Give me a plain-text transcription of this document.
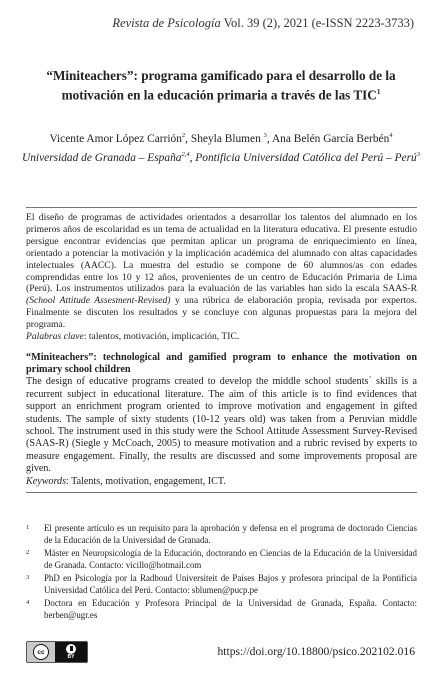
Revista de Psicología Vol. 39 (2), 2021 (e-ISSN 2223-3733)
“Miniteachers”: programa gamificado para el desarrollo de la motivación en la educación primaria a través de las TIC$^1$
Vicente Amor López Carrión$^2$, Sheyla Blumen $^3$, Ana Belén García Berbén$^4$
Universidad de Granada – España$^{2,4}$, Pontificia Universidad Católica del Perú – Perú$^3$

El diseño de programas de actividades orientados a desarrollar los talentos del alumnado en los primeros años de escolaridad es un tema de actualidad en la literatura educativa. El presente estudio persigue encontrar evidencias que permitan aplicar un programa de enriquecimiento en línea, orientado a potenciar la motivación y la implicación académica del alumnado con altas capacidades intelectuales (AACC). La muestra del estudio se compone de 60 alumnos/as con edades comprendidas entre los 10 y 12 años, provenientes de un centro de Educación Primaria de Lima (Perú). Los instrumentos utilizados para la evaluación de las variables han sido la escala SAAS-R (School Attitude Assesment-Revised) y una rúbrica de elaboración propia, revisada por expertos. Finalmente se discuten los resultados y se concluye con algunas propuestas para la mejora del programa.

Palabras clave: talentos, motivación, implicación, TIC.

“Miniteachers”: technological and gamified program to enhance the motivation on primary school children

The design of educative programs created to develop the middle school students´ skills is a recurrent subject in educational literature. The aim of this article is to find evidences that support an enrichment program oriented to improve motivation and engagement in gifted students. The sample of sixty students (10-12 years old) was taken from a Peruvian middle school. The instrument used in this study were the School Attitude Assessment Survey-Revised (SAAS-R) (Siegle y McCoach, 2005) to measure motivation and a rubric revised by experts to measure engagement. Finally, the results are discussed and some improvements proposal are given.

Keywords: Talents, motivation, engagement, ICT.

1	El presente artículo es un requisito para la aprobación y defensa en el programa de doctorado Ciencias de la Educación de la Universidad de Granada.
2	Máster en Neuropsicología de la Educación, doctorando en Ciencias de la Educación de la Universidad de Granada. Contacto: vicillo@hotmail.com
3	PhD en Psicología por la Radboud Universiteit de Países Bajos y profesora principal de la Pontificia Universidad Católica del Perú. Contacto: sblumen@pucp.pe
4	Doctora en Educación y Profesora Principal de la Universidad de Granada, España. Contacto: berben@ugr.es
cc
BY	https://doi.org/10.18800/psico.202102.016
